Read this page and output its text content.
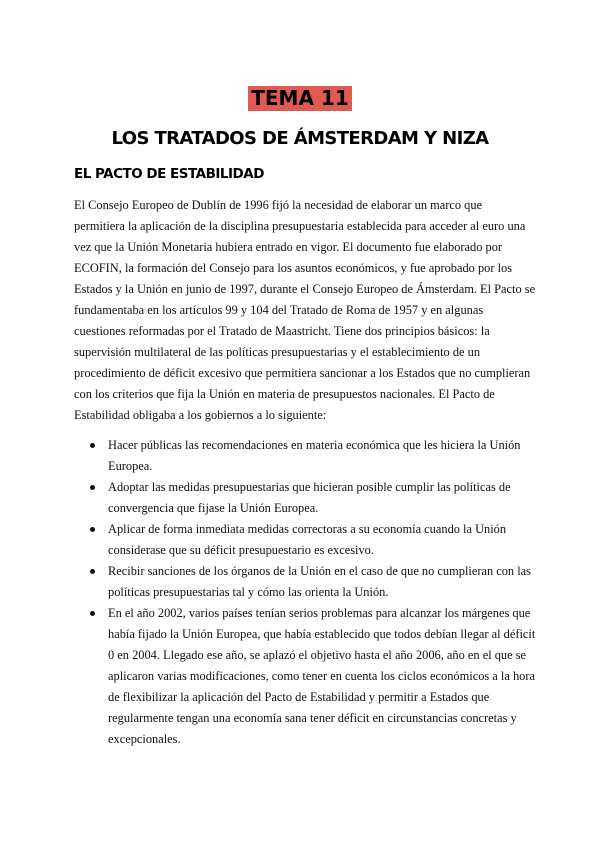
TEMA 11
LOS TRATADOS DE ÁMSTERDAM Y NIZA
EL PACTO DE ESTABILIDAD

El Consejo Europeo de Dublín de 1996 fijó la necesidad de elaborar un marco que permitiera la aplicación de la disciplina presupuestaria establecida para acceder al euro una vez que la Unión Monetaria hubiera entrado en vigor. El documento fue elaborado por ECOFIN, la formación del Consejo para los asuntos económicos, y fue aprobado por los Estados y la Unión en junio de 1997, durante el Consejo Europeo de Ámsterdam. El Pacto se fundamentaba en los artículos 99 y 104 del Tratado de Roma de 1957 y en algunas cuestiones reformadas por el Tratado de Maastricht. Tiene dos principios básicos: la supervisión multilateral de las políticas presupuestarias y el establecimiento de un procedimiento de déficit excesivo que permitiera sancionar a los Estados que no cumplieran con los criterios que fija la Unión en materia de presupuestos nacionales. El Pacto de Estabilidad obligaba a los gobiernos a lo siguiente:

Hacer públicas las recomendaciones en materia económica que les hiciera la Unión Europea.
Adoptar las medidas presupuestarias que hicieran posible cumplir las políticas de convergencia que fijase la Unión Europea.
Aplicar de forma inmediata medidas correctoras a su economía cuando la Unión considerase que su déficit presupuestario es excesivo.
Recibir sanciones de los órganos de la Unión en el caso de que no cumplieran con las políticas presupuestarias tal y cómo las orienta la Unión.
En el año 2002, varios países tenían serios problemas para alcanzar los márgenes que había fijado la Unión Europea, que había establecido que todos debían llegar al déficit 0 en 2004. Llegado ese año, se aplazó el objetivo hasta el año 2006, año en el que se aplicaron varias modificaciones, como tener en cuenta los ciclos económicos a la hora de flexibilizar la aplicación del Pacto de Estabilidad y permitir a Estados que regularmente tengan una economía sana tener déficit en circunstancias concretas y excepcionales.
